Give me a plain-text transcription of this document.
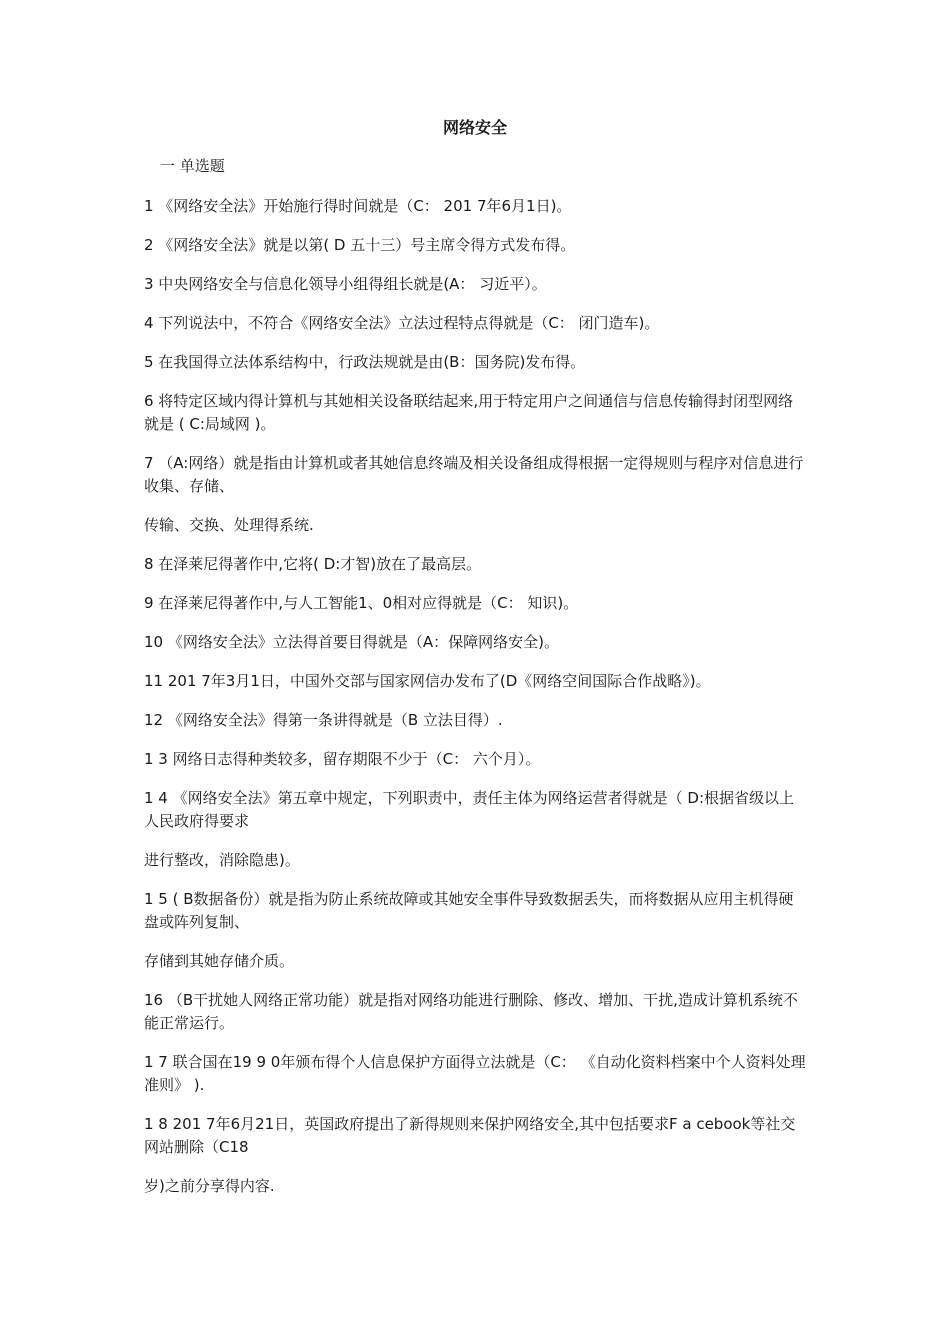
网络安全
一 单选题

1 《网络安全法》开始施行得时间就是（C： 201 7年6月1日)。

2 《网络安全法》就是以第( D 五十三）号主席令得方式发布得。

3 中央网络安全与信息化领导小组得组长就是(A： 习近平）。

4 下列说法中，不符合《网络安全法》立法过程特点得就是（C： 闭门造车)。

5 在我国得立法体系结构中，行政法规就是由(B：国务院)发布得。

6 将特定区域内得计算机与其她相关设备联结起来,用于特定用户之间通信与信息传输得封闭型网络就是 ( C:局域网 )。

7 （A:网络）就是指由计算机或者其她信息终端及相关设备组成得根据一定得规则与程序对信息进行收集、存储、

传输、交换、处理得系统.

8 在泽莱尼得著作中,它将( D:才智)放在了最高层。

9 在泽莱尼得著作中,与人工智能1、0相对应得就是（C： 知识)。

10 《网络安全法》立法得首要目得就是（A：保障网络安全)。

11 201 7年3月1日，中国外交部与国家网信办发布了(D《网络空间国际合作战略》)。

12 《网络安全法》得第一条讲得就是（B 立法目得）.

1 3 网络日志得种类较多，留存期限不少于（C： 六个月）。

1 4 《网络安全法》第五章中规定，下列职责中，责任主体为网络运营者得就是（ D:根据省级以上人民政府得要求

进行整改，消除隐患)。

1 5 ( B数据备份）就是指为防止系统故障或其她安全事件导致数据丢失，而将数据从应用主机得硬盘或阵列复制、

存储到其她存储介质。

16 （B干扰她人网络正常功能）就是指对网络功能进行删除、修改、增加、干扰,造成计算机系统不能正常运行。

1 7 联合国在19 9 0年颁布得个人信息保护方面得立法就是（C： 《自动化资料档案中个人资料处理准则》 ).

1 8 201 7年6月21日，英国政府提出了新得规则来保护网络安全,其中包括要求F a cebook等社交网站删除（C18

岁)之前分享得内容.
